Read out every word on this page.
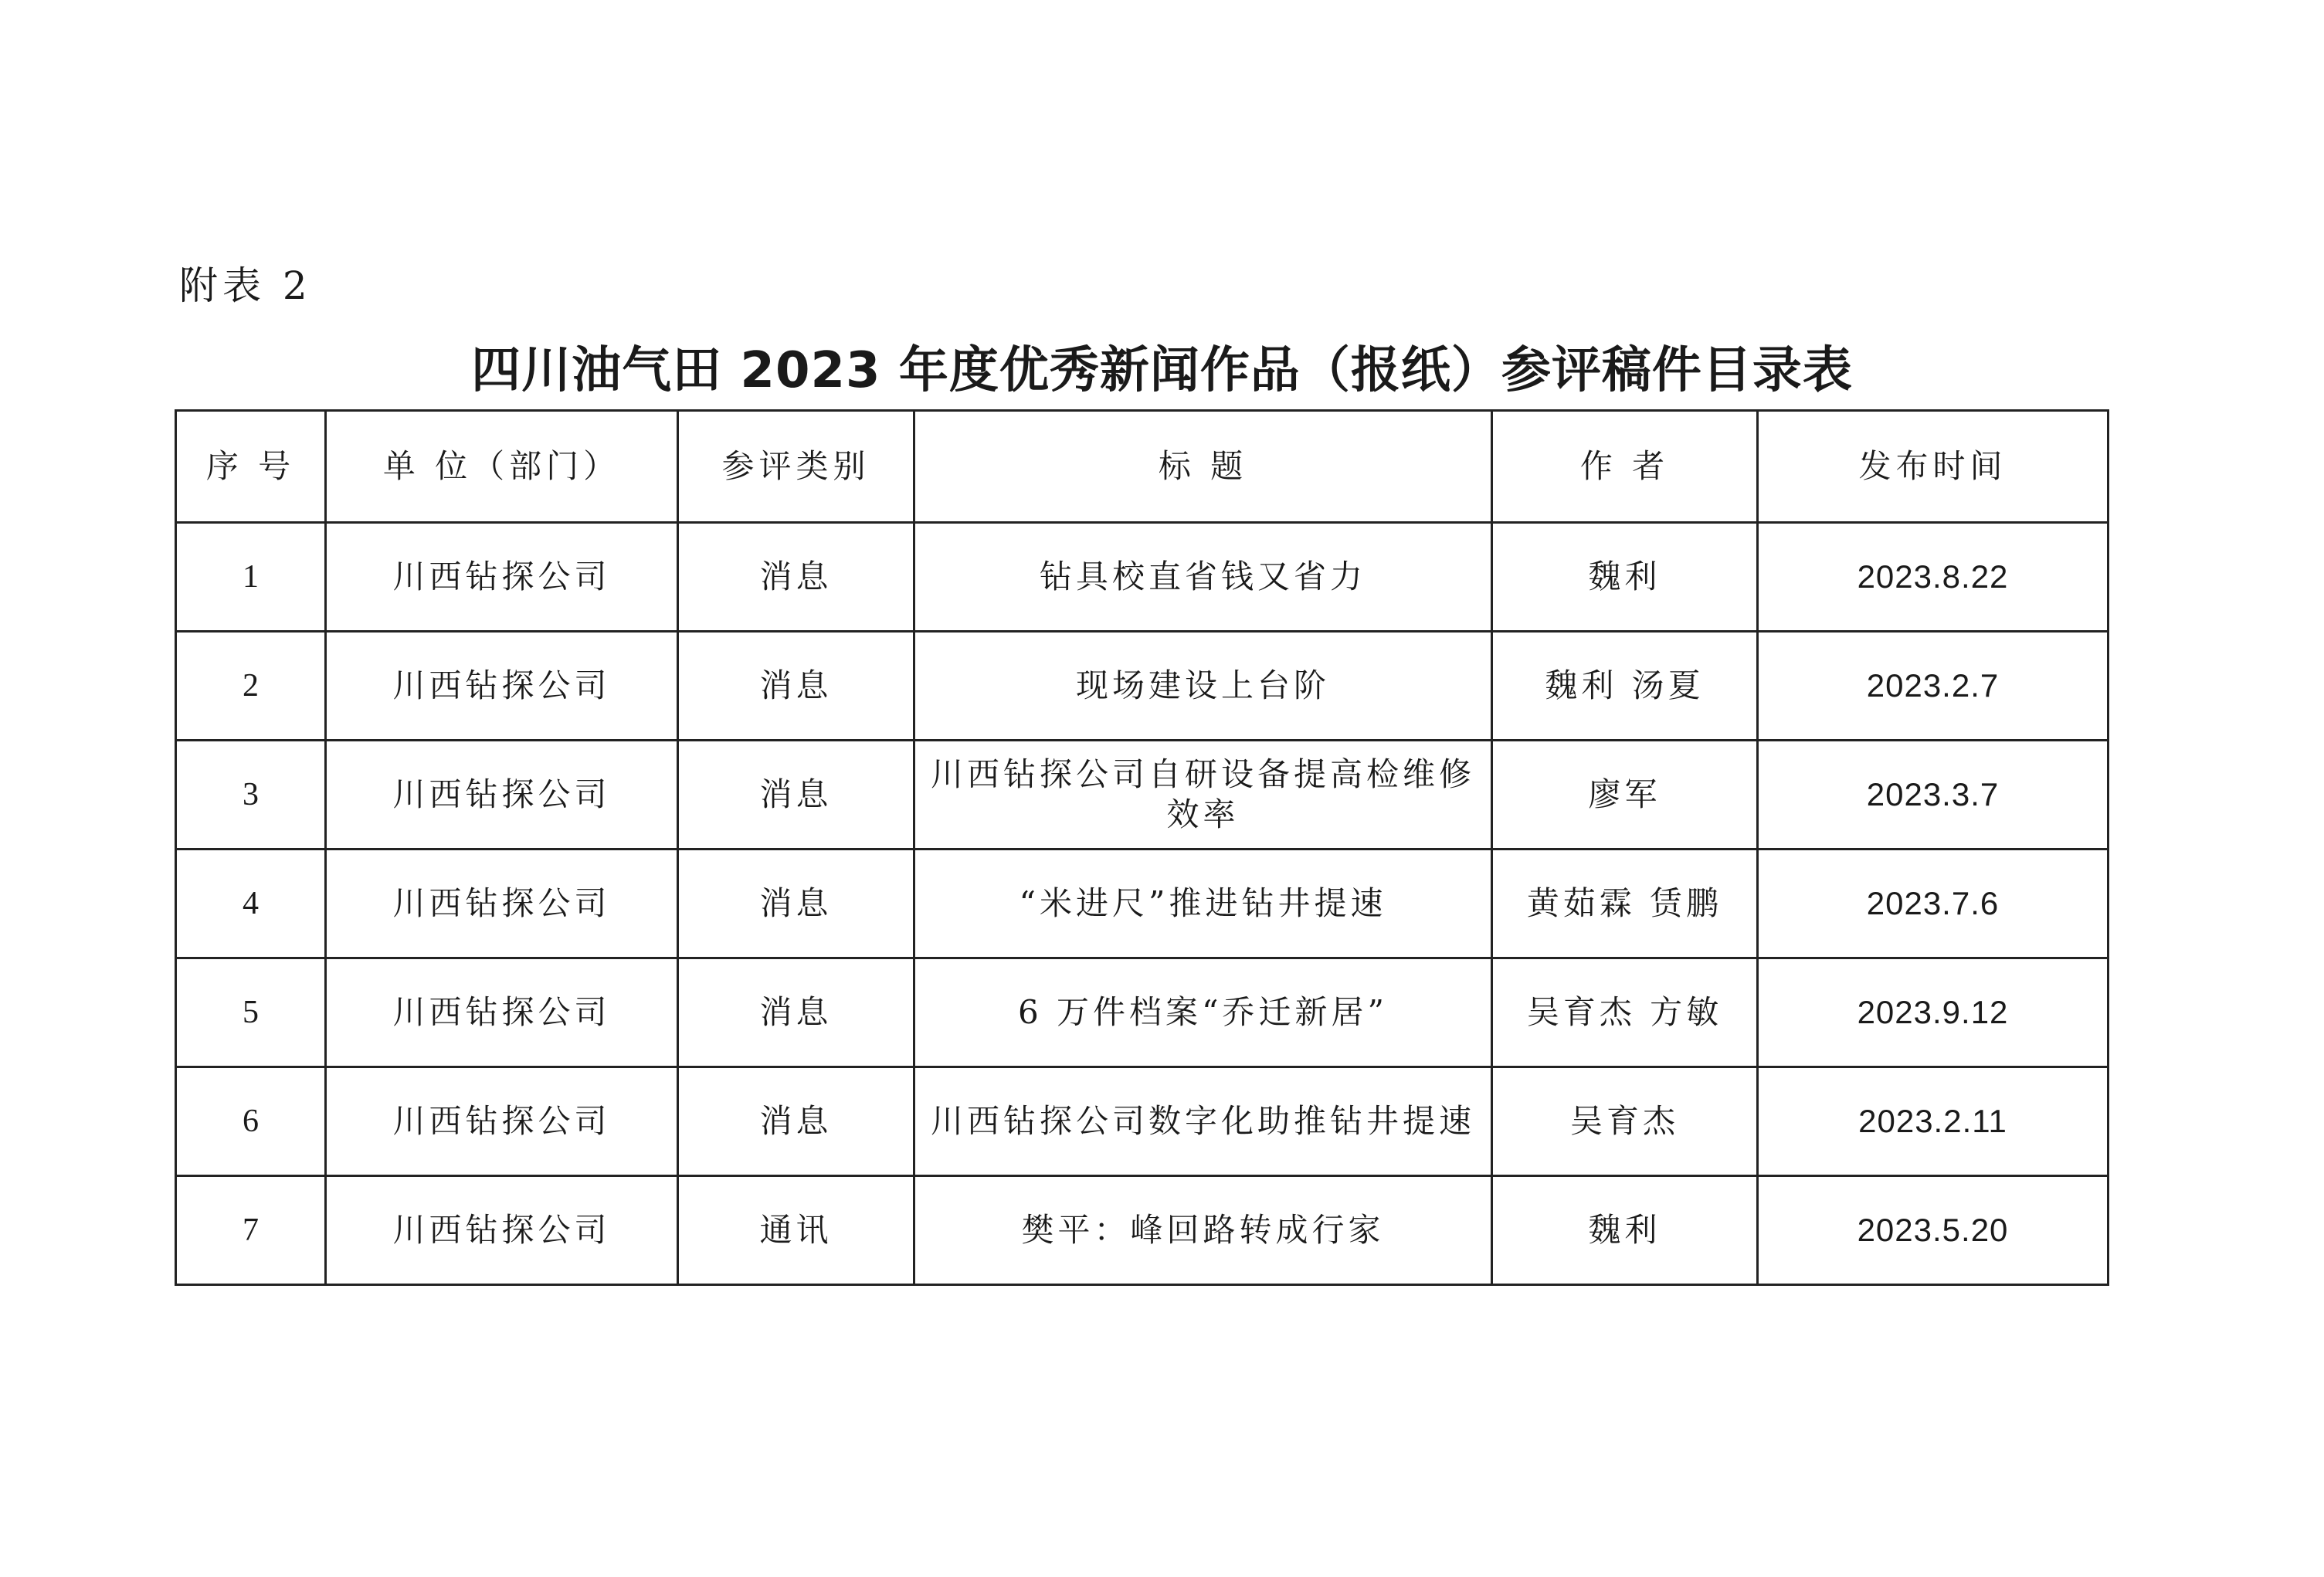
附表 2
四川油气田 2023 年度优秀新闻作品（报纸）参评稿件目录表
序 号	单 位（部门）	参评类别	标 题	作 者	发布时间
1	川西钻探公司	消息	钻具校直省钱又省力	魏利	2023.8.22
2	川西钻探公司	消息	现场建设上台阶	魏利 汤夏	2023.2.7
3	川西钻探公司	消息	川西钻探公司自研设备提高检维修效率	廖军	2023.3.7
4	川西钻探公司	消息	“米进尺”推进钻井提速	黄茹霖 赁鹏	2023.7.6
5	川西钻探公司	消息	6 万件档案“乔迁新居”	吴育杰 方敏	2023.9.12
6	川西钻探公司	消息	川西钻探公司数字化助推钻井提速	吴育杰	2023.2.11
7	川西钻探公司	通讯	樊平：峰回路转成行家	魏利	2023.5.20
